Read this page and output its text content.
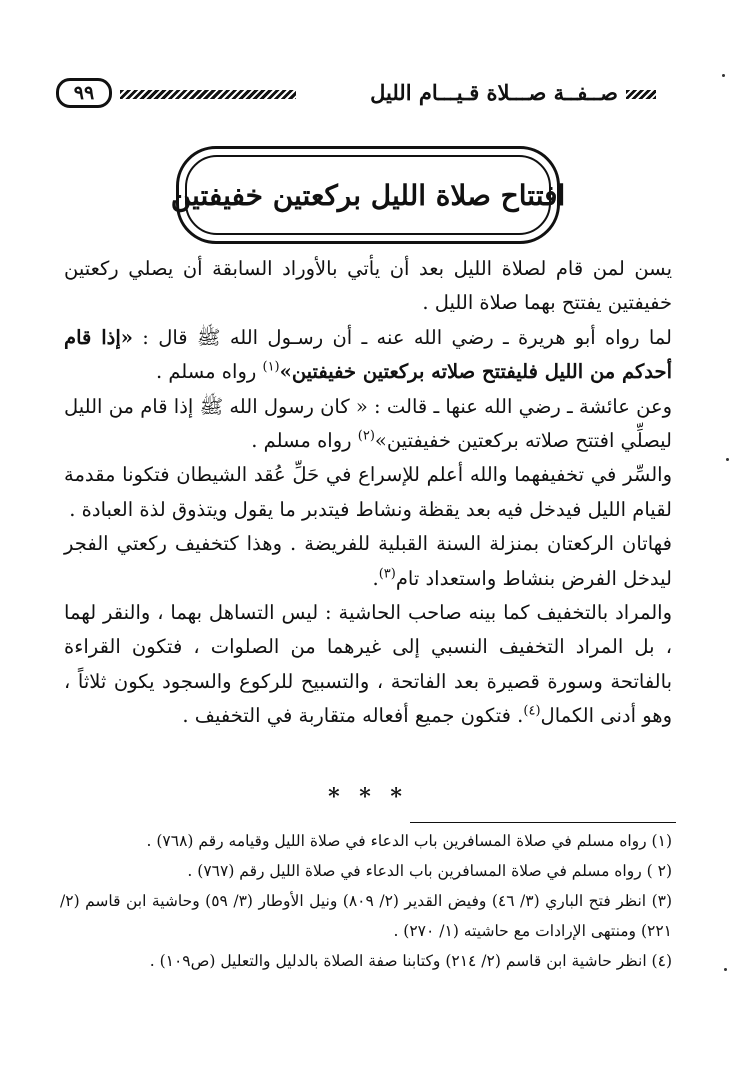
صــفــة صـــلاة قـيـــام الليل
٩٩
افتتاح صلاة الليل بركعتين خفيفتين

يسن لمن قام لصلاة الليل بعد أن يأتي بالأوراد السابقة أن يصلي ركعتين خفيفتين يفتتح بهما صلاة الليل .

لما رواه أبو هريرة ـ رضي الله عنه ـ أن رسـول الله ﷺ قال : «إذا قام أحدكم من الليل فليفتتح صلاته بركعتين خفيفتين»$^{(١)}$ رواه مسلم .

وعن عائشة ـ رضي الله عنها ـ قالت : « كان رسول الله ﷺ إذا قام من الليل ليصلِّي افتتح صلاته بركعتين خفيفتين»$^{(٢)}$ رواه مسلم .

والسِّر في تخفيفهما والله أعلم للإسراع في حَلِّ عُقد الشيطان فتكونا مقدمة لقيام الليل فيدخل فيه بعد يقظة ونشاط فيتدبر ما يقول ويتذوق لذة العبادة .

فهاتان الركعتان بمنزلة السنة القبلية للفريضة . وهذا كتخفيف ركعتي الفجر ليدخل الفرض بنشاط واستعداد تام$^{(٣)}$.

والمراد بالتخفيف كما بينه صاحب الحاشية : ليس التساهل بهما ، والنقر لهما ، بل المراد التخفيف النسبي إلى غيرهما من الصلوات ، فتكون القراءة بالفاتحة وسورة قصيرة بعد الفاتحة ، والتسبيح للركوع والسجود يكون ثلاثاً ، وهو أدنى الكمال$^{(٤)}$. فتكون جميع أفعاله متقاربة في التخفيف .

* * *

(١) رواه مسلم في صلاة المسافرين باب الدعاء في صلاة الليل وقيامه رقم (٧٦٨) .

(٢ ) رواه مسلم في صلاة المسافرين باب الدعاء في صلاة الليل رقم (٧٦٧) .

(٣) انظر فتح الباري (٣/ ٤٦) وفيض القدير (٢/ ٨٠٩) ونيل الأوطار (٣/ ٥٩) وحاشية ابن قاسم (٢/ ٢٢١) ومنتهى الإرادات مع حاشيته (١/ ٢٧٠) .

(٤) انظر حاشية ابن قاسم (٢/ ٢١٤) وكتابنا صفة الصلاة بالدليل والتعليل (ص١٠٩) .
